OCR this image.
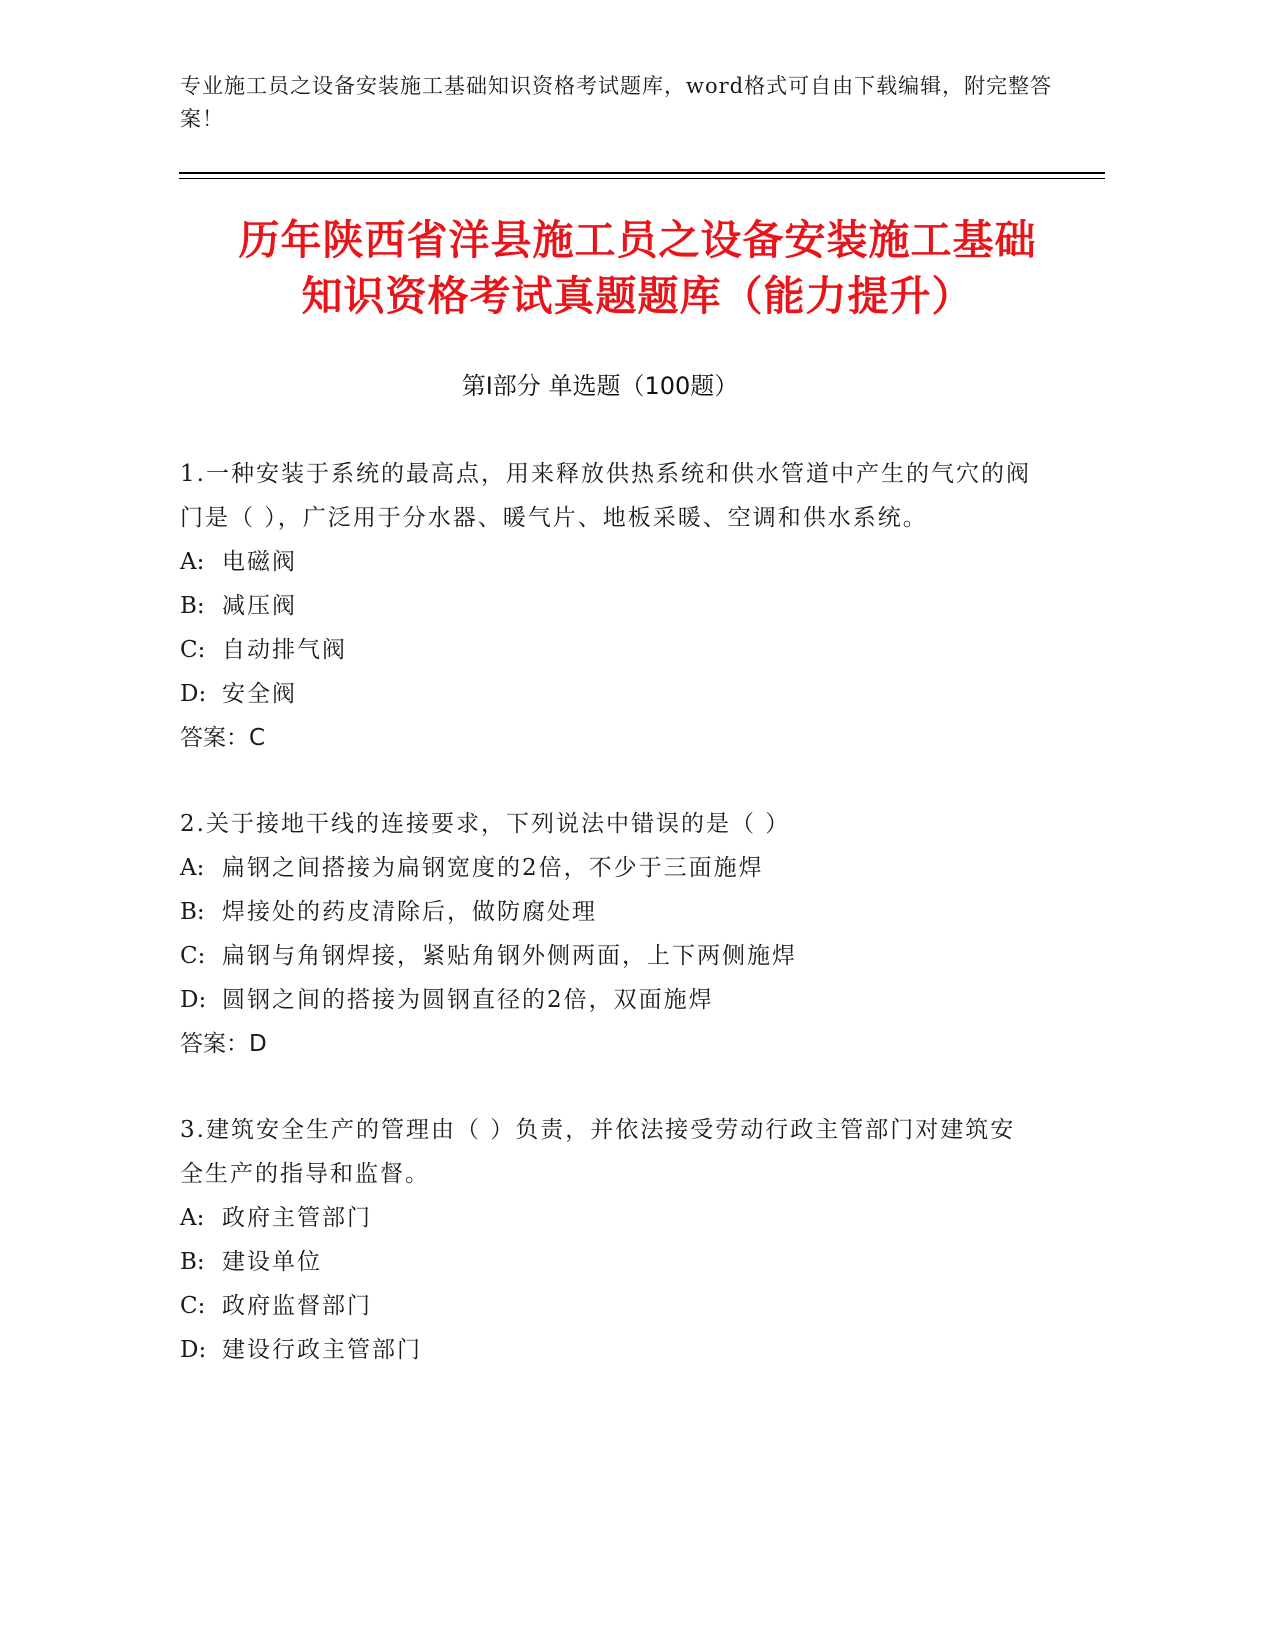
专业施工员之设备安装施工基础知识资格考试题库，word格式可自由下载编辑，附完整答案！
历年陕西省洋县施工员之设备安装施工基础
知识资格考试真题题库（能力提升）
第Ⅰ部分 单选题（100题）
1.一种安装于系统的最高点，用来释放供热系统和供水管道中产生的气穴的阀门是（ ），广泛用于分水器、暖气片、地板采暖、空调和供水系统。
A: 电磁阀
B: 减压阀
C: 自动排气阀
D: 安全阀
答案：C
2.关于接地干线的连接要求，下列说法中错误的是（ ）
A: 扁钢之间搭接为扁钢宽度的2倍，不少于三面施焊
B: 焊接处的药皮清除后，做防腐处理
C: 扁钢与角钢焊接，紧贴角钢外侧两面，上下两侧施焊
D: 圆钢之间的搭接为圆钢直径的2倍，双面施焊
答案：D
3.建筑安全生产的管理由（ ）负责，并依法接受劳动行政主管部门对建筑安全生产的指导和监督。
A: 政府主管部门
B: 建设单位
C: 政府监督部门
D: 建设行政主管部门
